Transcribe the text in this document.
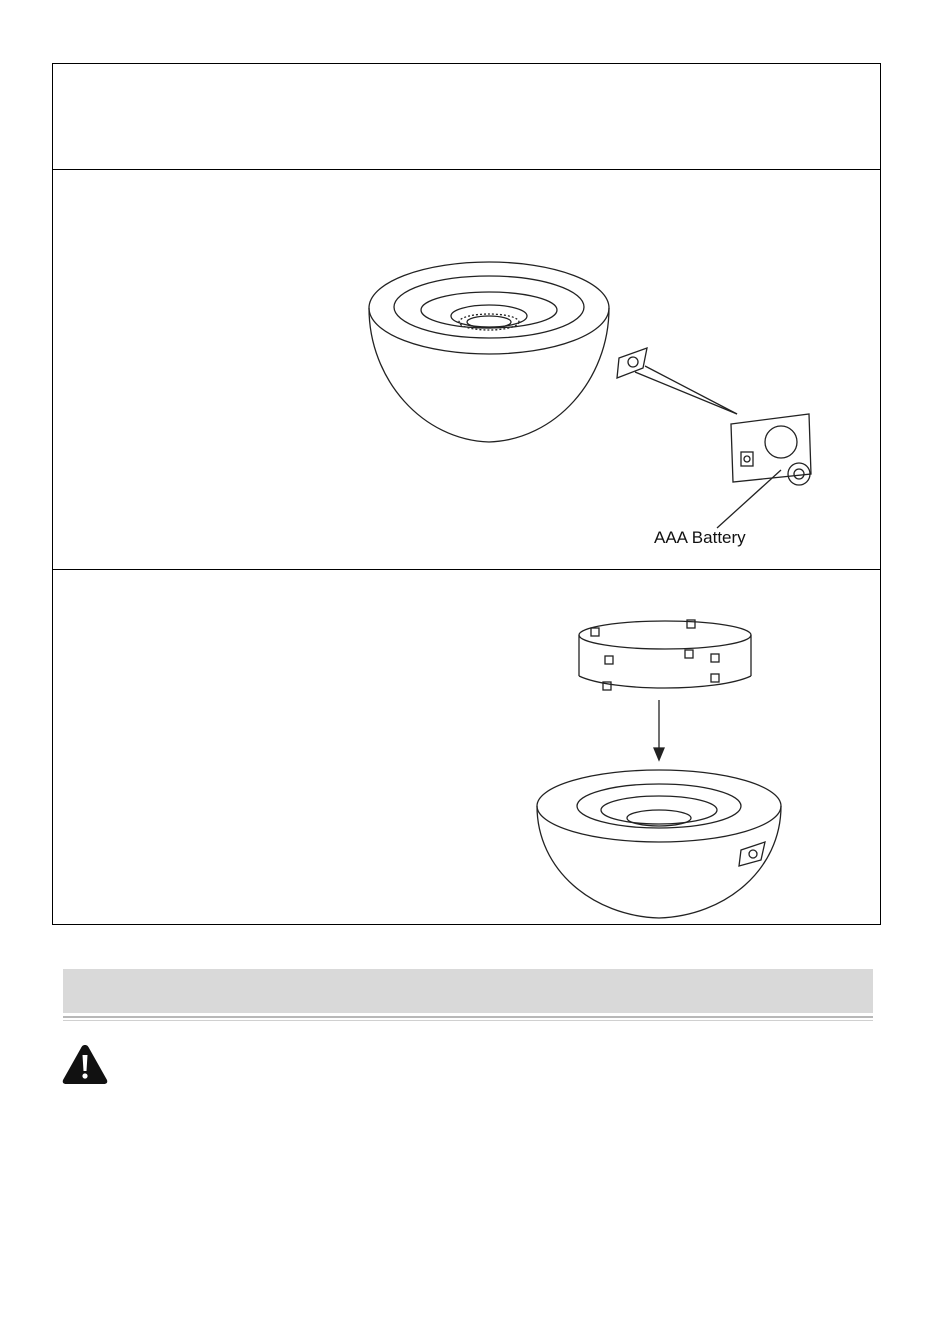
AAA Battery
